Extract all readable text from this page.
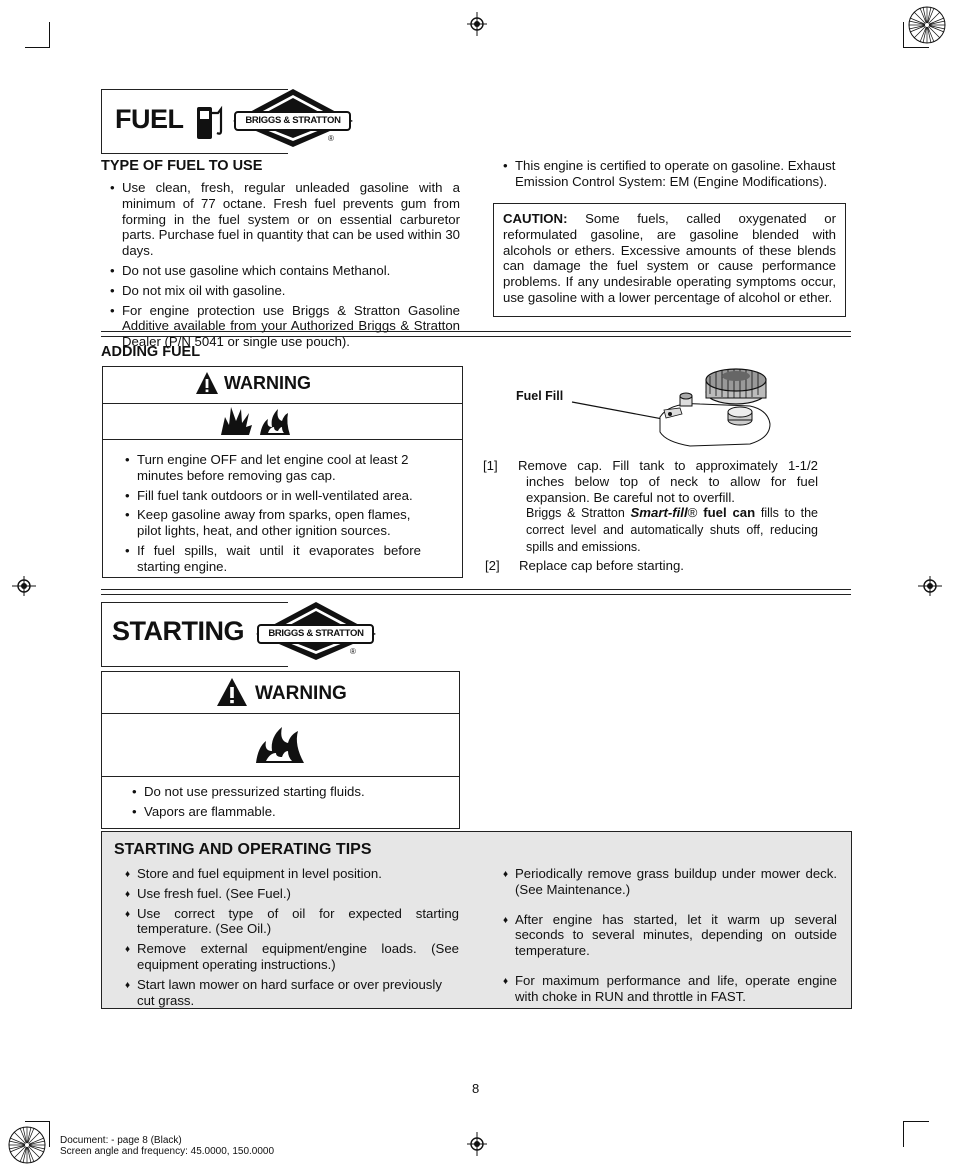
FUEL	BRIGGS & STRATTON
®
TYPE OF FUEL TO USE
• Use clean, fresh, regular unleaded gasoline with a minimum of 77 octane. Fresh fuel prevents gum from forming in the fuel system or on essential carburetor parts. Purchase fuel in quantity that can be used within 30 days.
• Do not use gasoline which contains Methanol.
• Do not mix oil with gasoline.
• For engine protection use Briggs & Stratton Gasoline Additive available from your Authorized Briggs & Stratton Dealer (P/N 5041 or single use pouch).
• This engine is certified to operate on gasoline. Exhaust Emission Control System: EM (Engine Modifications).
CAUTION: Some fuels, called oxygenated or reformulated gasoline, are gasoline blended with alcohols or ethers. Excessive amounts of these blends can damage the fuel system or cause performance problems. If any undesirable operating symptoms occur, use gasoline with a lower percentage of alcohol or ether.
ADDING FUEL
WARNING
• Turn engine OFF and let engine cool at least 2 minutes before removing gas cap.
• Fill fuel tank outdoors or in well-ventilated area.
• Keep gasoline away from sparks, open flames, pilot lights, heat, and other ignition sources.
• If fuel spills, wait until it evaporates before starting engine.
Fuel Fill
[1] Remove cap. Fill tank to approximately 1-1/2 inches below top of neck to allow for fuel expansion. Be careful not to overfill.
Briggs & Stratton Smart-fill® fuel can fills to the correct level and automatically shuts off, reducing spills and emissions.
[2] Replace cap before starting.
STARTING	BRIGGS & STRATTON
®
WARNING
• Do not use pressurized starting fluids.
• Vapors are flammable.
STARTING AND OPERATING TIPS
♦ Store and fuel equipment in level position.
♦ Use fresh fuel. (See Fuel.)
♦ Use correct type of oil for expected starting temperature. (See Oil.)
♦ Remove external equipment/engine loads. (See equipment operating instructions.)
♦ Start lawn mower on hard surface or over previously cut grass.
♦ Periodically remove grass buildup under mower deck. (See Maintenance.)
♦ After engine has started, let it warm up several seconds to several minutes, depending on outside temperature.
♦ For maximum performance and life, operate engine with choke in RUN and throttle in FAST.
8
Document: - page 8 (Black)
Screen angle and frequency: 45.0000, 150.0000
